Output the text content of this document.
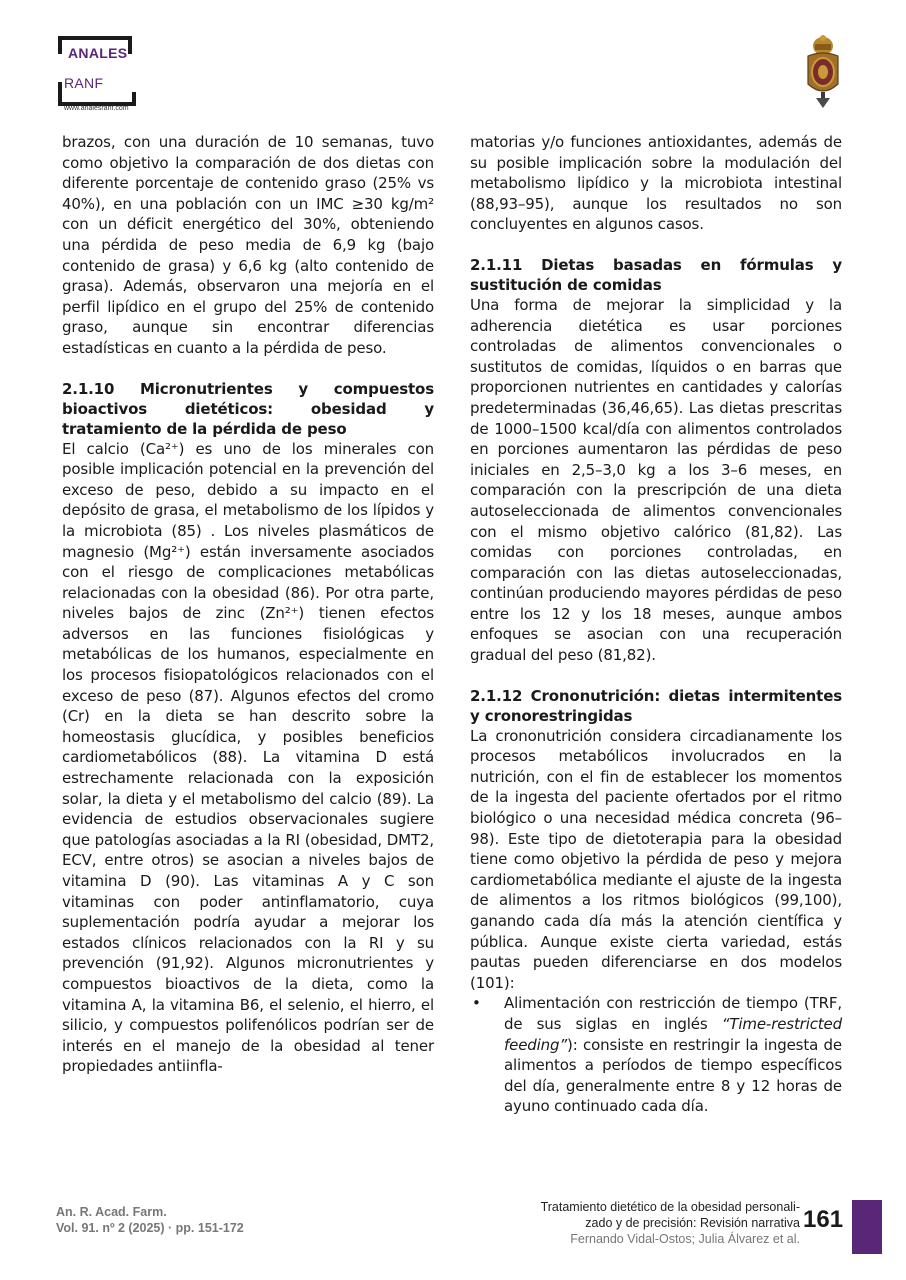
ANALES
RANF
www.analesranf.com

brazos, con una duración de 10 semanas, tuvo como objetivo la comparación de dos dietas con diferente porcentaje de contenido graso (25% vs 40%), en una población con un IMC ≥30 kg/m² con un déficit energético del 30%, obteniendo una pérdida de peso media de 6,9 kg (bajo contenido de grasa) y 6,6 kg (alto contenido de grasa). Además, observaron una mejoría en el perfil lipídico en el grupo del 25% de contenido graso, aunque sin encontrar diferencias estadísticas en cuanto a la pérdida de peso.

2.1.10 Micronutrientes y compuestos bioactivos dietéticos: obesidad y tratamiento de la pérdida de peso

El calcio (Ca²⁺) es uno de los minerales con posible implicación potencial en la prevención del exceso de peso, debido a su impacto en el depósito de grasa, el metabolismo de los lípidos y la microbiota (85) . Los niveles plasmáticos de magnesio (Mg²⁺) están inversamente asociados con el riesgo de complicaciones metabólicas relacionadas con la obesidad (86). Por otra parte, niveles bajos de zinc (Zn²⁺) tienen efectos adversos en las funciones fisiológicas y metabólicas de los humanos, especialmente en los procesos fisiopatológicos relacionados con el exceso de peso (87). Algunos efectos del cromo (Cr) en la dieta se han descrito sobre la homeostasis glucídica, y posibles beneficios cardiometabólicos (88). La vitamina D está estrechamente relacionada con la exposición solar, la dieta y el metabolismo del calcio (89). La evidencia de estudios observacionales sugiere que patologías asociadas a la RI (obesidad, DMT2, ECV, entre otros) se asocian a niveles bajos de vitamina D (90). Las vitaminas A y C son vitaminas con poder antinflamatorio, cuya suplementación podría ayudar a mejorar los estados clínicos relacionados con la RI y su prevención (91,92). Algunos micronutrientes y compuestos bioactivos de la dieta, como la vitamina A, la vitamina B6, el selenio, el hierro, el silicio, y compuestos polifenólicos podrían ser de interés en el manejo de la obesidad al tener propiedades antiinfla-

matorias y/o funciones antioxidantes, además de su posible implicación sobre la modulación del metabolismo lipídico y la microbiota intestinal (88,93–95), aunque los resultados no son concluyentes en algunos casos.

2.1.11 Dietas basadas en fórmulas y sustitución de comidas

Una forma de mejorar la simplicidad y la adherencia dietética es usar porciones controladas de alimentos convencionales o sustitutos de comidas, líquidos o en barras que proporcionen nutrientes en cantidades y calorías predeterminadas (36,46,65). Las dietas prescritas de 1000–1500 kcal/día con alimentos controlados en porciones aumentaron las pérdidas de peso iniciales en 2,5–3,0 kg a los 3–6 meses, en comparación con la prescripción de una dieta autoseleccionada de alimentos convencionales con el mismo objetivo calórico (81,82). Las comidas con porciones controladas, en comparación con las dietas autoseleccionadas, continúan produciendo mayores pérdidas de peso entre los 12 y los 18 meses, aunque ambos enfoques se asocian con una recuperación gradual del peso (81,82).

2.1.12 Crononutrición: dietas intermitentes y cronorestringidas

La crononutrición considera circadianamente los procesos metabólicos involucrados en la nutrición, con el fin de establecer los momentos de la ingesta del paciente ofertados por el ritmo biológico o una necesidad médica concreta (96–98). Este tipo de dietoterapia para la obesidad tiene como objetivo la pérdida de peso y mejora cardiometabólica mediante el ajuste de la ingesta de alimentos a los ritmos biológicos (99,100), ganando cada día más la atención científica y pública. Aunque existe cierta variedad, estás pautas pueden diferenciarse en dos modelos (101):

• Alimentación con restricción de tiempo (TRF, de sus siglas en inglés “Time-restricted feeding”): consiste en restringir la ingesta de alimentos a períodos de tiempo específicos del día, generalmente entre 8 y 12 horas de ayuno continuado cada día.
An. R. Acad. Farm.
Vol. 91. nº 2 (2025) · pp. 151-172
Tratamiento dietético de la obesidad personali-
zado y de precisión: Revisión narrativa
Fernando Vidal-Ostos; Julia Álvarez et al.
161
